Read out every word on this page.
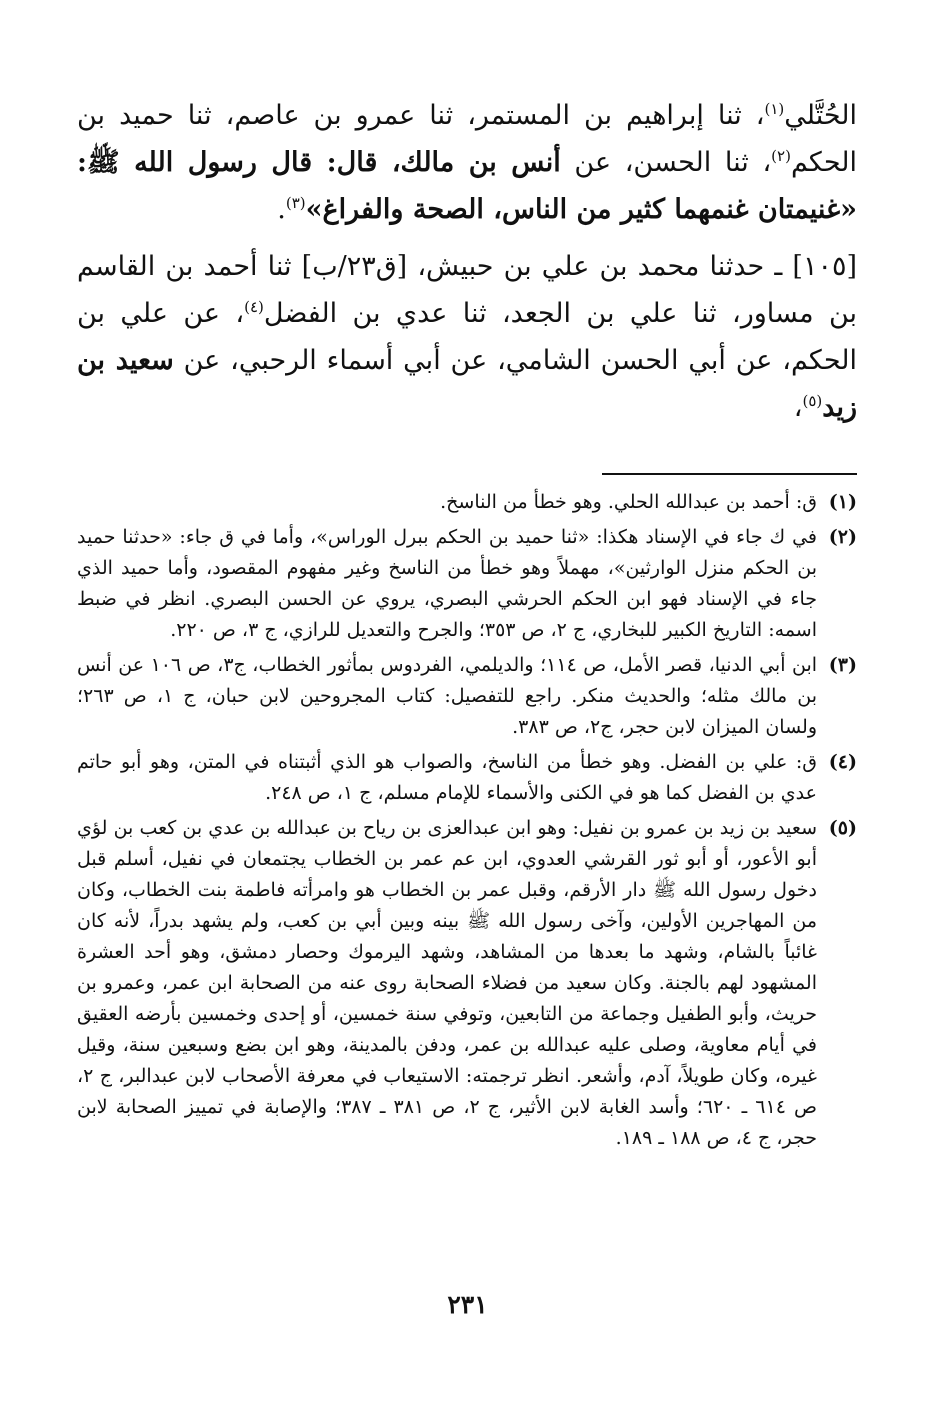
الحُتَّلي$^{(١)}$، ثنا إبراهيم بن المستمر، ثنا عمرو بن عاصم، ثنا حميد بن الحكم$^{(٢)}$، ثنا الحسن، عن أنس بن مالك، قال: قال رسول الله ﷺ: «غنيمتان غنمهما كثير من الناس، الصحة والفراغ»$^{(٣)}$.

[١٠٥] ـ حدثنا محمد بن علي بن حبيش، [ق٢٣/ب] ثنا أحمد بن القاسم بن مساور، ثنا علي بن الجعد، ثنا عدي بن الفضل$^{(٤)}$، عن علي بن الحكم، عن أبي الحسن الشامي، عن أبي أسماء الرحبي، عن سعيد بن زيد$^{(٥)}$،

(١)
ق: أحمد بن عبدالله الحلي. وهو خطأ من الناسخ.
(٢)
في ك جاء في الإسناد هكذا: «ثنا حميد بن الحكم ببرل الوراس»، وأما في ق جاء: «حدثنا حميد بن الحكم منزل الوارثين»، مهملاً وهو خطأ من الناسخ وغير مفهوم المقصود، وأما حميد الذي جاء في الإسناد فهو ابن الحكم الحرشي البصري، يروي عن الحسن البصري. انظر في ضبط اسمه: التاريخ الكبير للبخاري، ج ٢، ص ٣٥٣؛ والجرح والتعديل للرازي، ج ٣، ص ٢٢٠.
(٣)
ابن أبي الدنيا، قصر الأمل، ص ١١٤؛ والديلمي، الفردوس بمأثور الخطاب، ج٣، ص ١٠٦ عن أنس بن مالك مثله؛ والحديث منكر. راجع للتفصيل: كتاب المجروحين لابن حبان، ج ١، ص ٢٦٣؛ ولسان الميزان لابن حجر، ج٢، ص ٣٨٣.
(٤)
ق: علي بن الفضل. وهو خطأ من الناسخ، والصواب هو الذي أثبتناه في المتن، وهو أبو حاتم عدي بن الفضل كما هو في الكنى والأسماء للإمام مسلم، ج ١، ص ٢٤٨.
(٥)
سعيد بن زيد بن عمرو بن نفيل: وهو ابن عبدالعزى بن رياح بن عبدالله بن عدي بن كعب بن لؤي أبو الأعور، أو أبو ثور القرشي العدوي، ابن عم عمر بن الخطاب يجتمعان في نفيل، أسلم قبل دخول رسول الله ﷺ دار الأرقم، وقبل عمر بن الخطاب هو وامرأته فاطمة بنت الخطاب، وكان من المهاجرين الأولين، وآخى رسول الله ﷺ بينه وبين أبي بن كعب، ولم يشهد بدراً، لأنه كان غائباً بالشام، وشهد ما بعدها من المشاهد، وشهد اليرموك وحصار دمشق، وهو أحد العشرة المشهود لهم بالجنة. وكان سعيد من فضلاء الصحابة روى عنه من الصحابة ابن عمر، وعمرو بن حريث، وأبو الطفيل وجماعة من التابعين، وتوفي سنة خمسين، أو إحدى وخمسين بأرضه العقيق في أيام معاوية، وصلى عليه عبدالله بن عمر، ودفن بالمدينة، وهو ابن بضع وسبعين سنة، وقيل غيره، وكان طويلاً، آدم، وأشعر. انظر ترجمته: الاستيعاب في معرفة الأصحاب لابن عبدالبر، ج ٢، ص ٦١٤ ـ ٦٢٠؛ وأسد الغابة لابن الأثير، ج ٢، ص ٣٨١ ـ ٣٨٧؛ والإصابة في تمييز الصحابة لابن حجر، ج ٤، ص ١٨٨ ـ ١٨٩.
٢٣١
